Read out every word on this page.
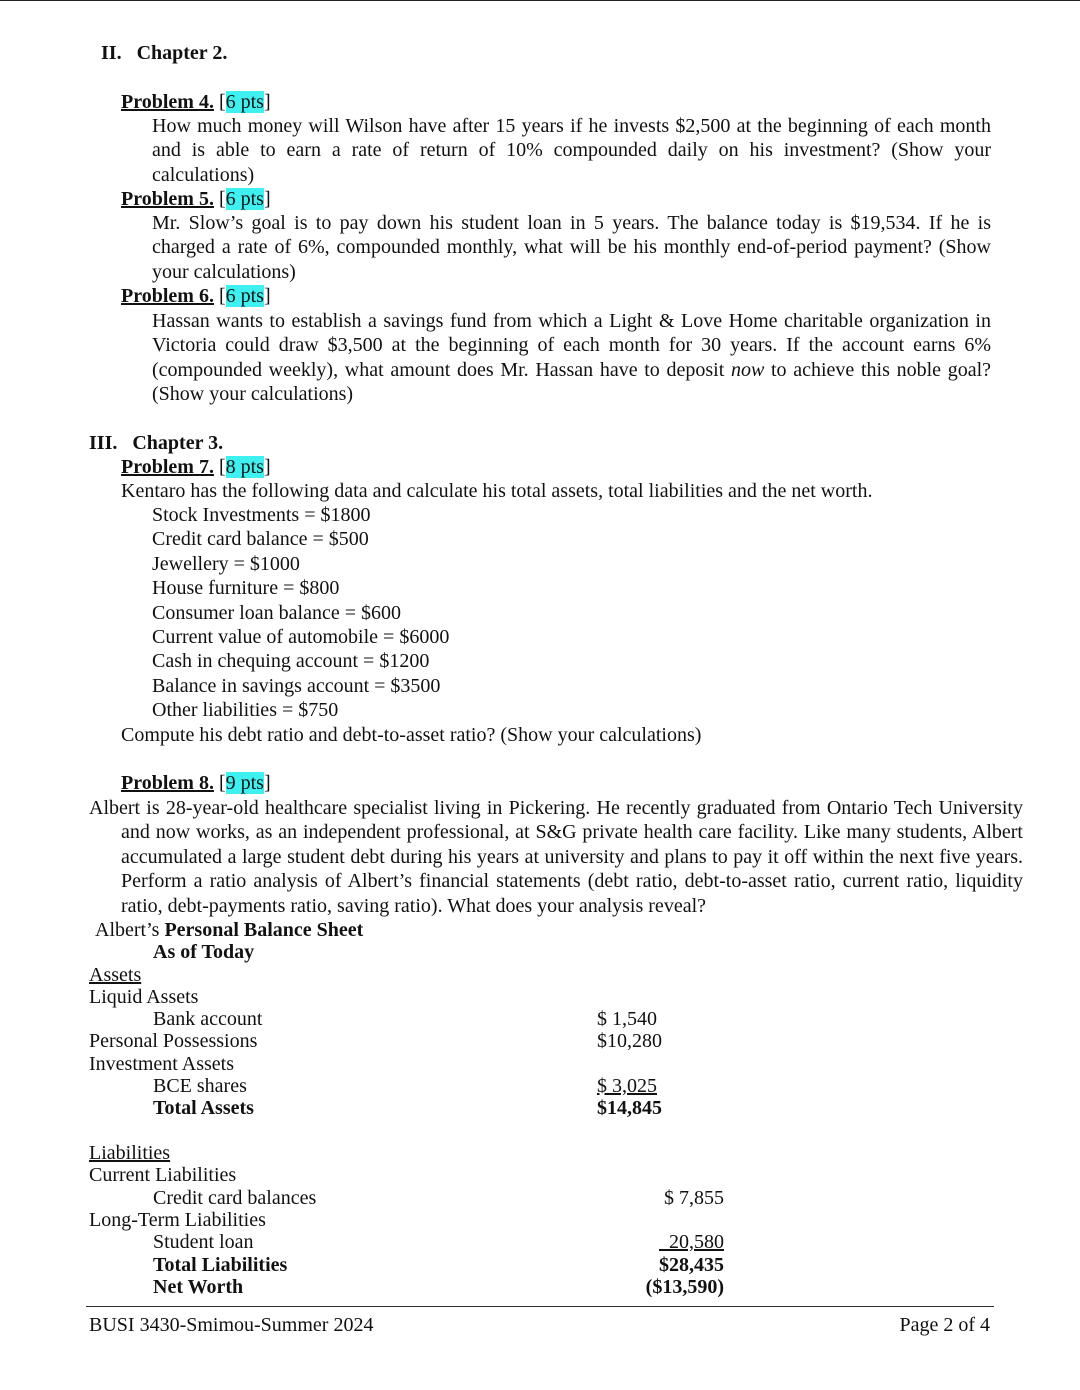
II. Chapter 2.
Problem 4. [6 pts]
How much money will Wilson have after 15 years if he invests $2,500 at the beginning of each month and is able to earn a rate of return of 10% compounded daily on his investment? (Show your calculations)
Problem 5. [6 pts]
Mr. Slow’s goal is to pay down his student loan in 5 years. The balance today is $19,534. If he is charged a rate of 6%, compounded monthly, what will be his monthly end-of-period payment? (Show your calculations)
Problem 6. [6 pts]
Hassan wants to establish a savings fund from which a Light & Love Home charitable organization in Victoria could draw $3,500 at the beginning of each month for 30 years. If the account earns 6% (compounded weekly), what amount does Mr. Hassan have to deposit now to achieve this noble goal? (Show your calculations)
III. Chapter 3.
Problem 7. [8 pts]
Kentaro has the following data and calculate his total assets, total liabilities and the net worth.
Stock Investments = $1800
Credit card balance = $500
Jewellery = $1000
House furniture = $800
Consumer loan balance = $600
Current value of automobile = $6000
Cash in chequing account = $1200
Balance in savings account = $3500
Other liabilities = $750
Compute his debt ratio and debt-to-asset ratio? (Show your calculations)
Problem 8. [9 pts]
Albert is 28-year-old healthcare specialist living in Pickering. He recently graduated from Ontario Tech University and now works, as an independent professional, at S&G private health care facility. Like many students, Albert accumulated a large student debt during his years at university and plans to pay it off within the next five years. Perform a ratio analysis of Albert’s financial statements (debt ratio, debt-to-asset ratio, current ratio, liquidity ratio, debt-payments ratio, saving ratio). What does your analysis reveal?
Albert’s Personal Balance Sheet
As of Today
Assets
Liquid Assets
Bank account	$ 1,540
Personal Possessions	$10,280
Investment Assets
BCE shares	$ 3,025
Total Assets	$14,845
Liabilities
Current Liabilities
Credit card balances	$ 7,855
Long-Term Liabilities
Student loan	20,580
Total Liabilities	$28,435
Net Worth	($13,590)
BUSI 3430-Smimou-Summer 2024	Page 2 of 4
